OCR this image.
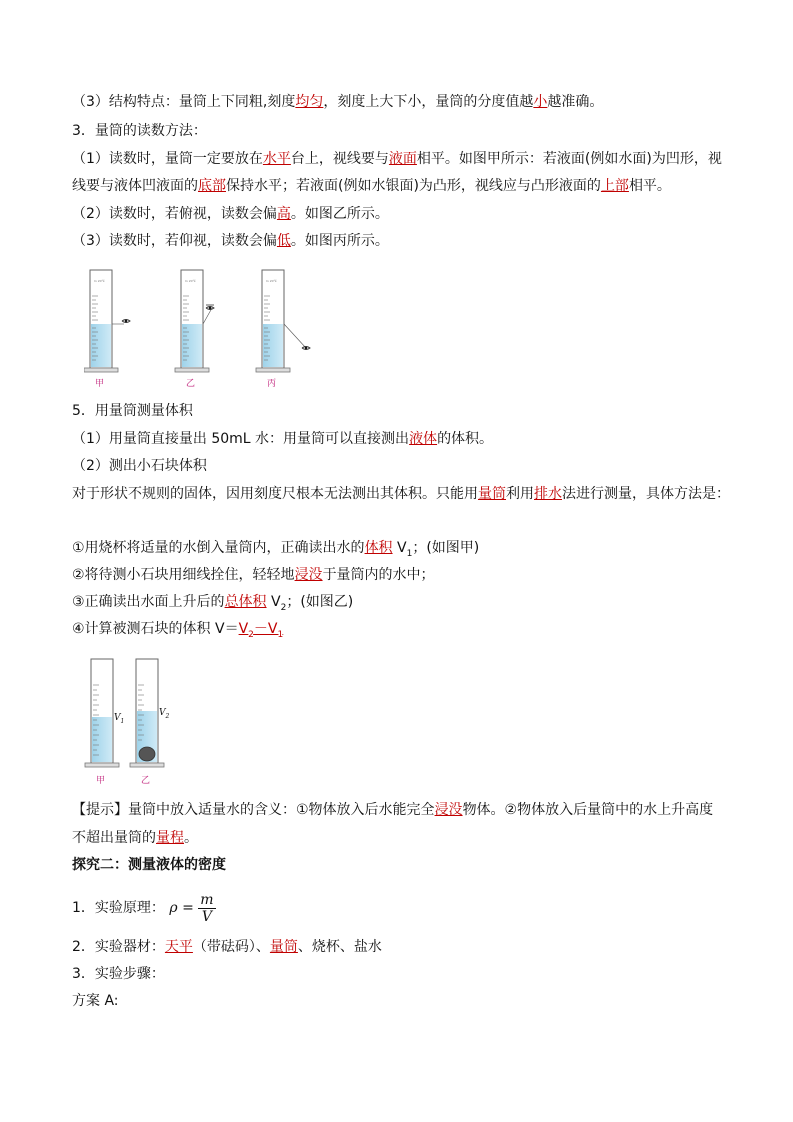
（3）结构特点：量筒上下同粗,刻度均匀，刻度上大下小，量筒的分度值越小越准确。
3．量筒的读数方法：
（1）读数时，量筒一定要放在水平台上，视线要与液面相平。如图甲所示：若液面(例如水面)为凹形，视
线要与液体凹液面的底部保持水平；若液面(例如水银面)为凸形，视线应与凸形液面的上部相平。
（2）读数时，若俯视，读数会偏高。如图乙所示。
（3）读数时，若仰视，读数会偏低。如图丙所示。
In 20℃	In 20℃	In 20℃
甲	乙	丙
5．用量筒测量体积
（1）用量筒直接量出 50mL 水：用量筒可以直接测出液体的体积。
（2）测出小石块体积
对于形状不规则的固体，因用刻度尺根本无法测出其体积。只能用量筒利用排水法进行测量，具体方法是：
①用烧杯将适量的水倒入量筒内，正确读出水的体积 $V_1$；(如图甲)
②将待测小石块用细线拴住，轻轻地浸没于量筒内的水中；
③正确读出水面上升后的总体积 $V_2$；(如图乙)
④计算被测石块的体积 $V=V_2-V_1$
$V_1$
$V_2$
甲	乙
【提示】量筒中放入适量水的含义：①物体放入后水能完全浸没物体。②物体放入后量筒中的水上升高度
不超出量筒的量程。
探究二：测量液体的密度
1．实验原理： $\rho = \frac{m}{V}$
2．实验器材：天平（带砝码）、量筒、烧杯、盐水
3．实验步骤：
方案 A:
